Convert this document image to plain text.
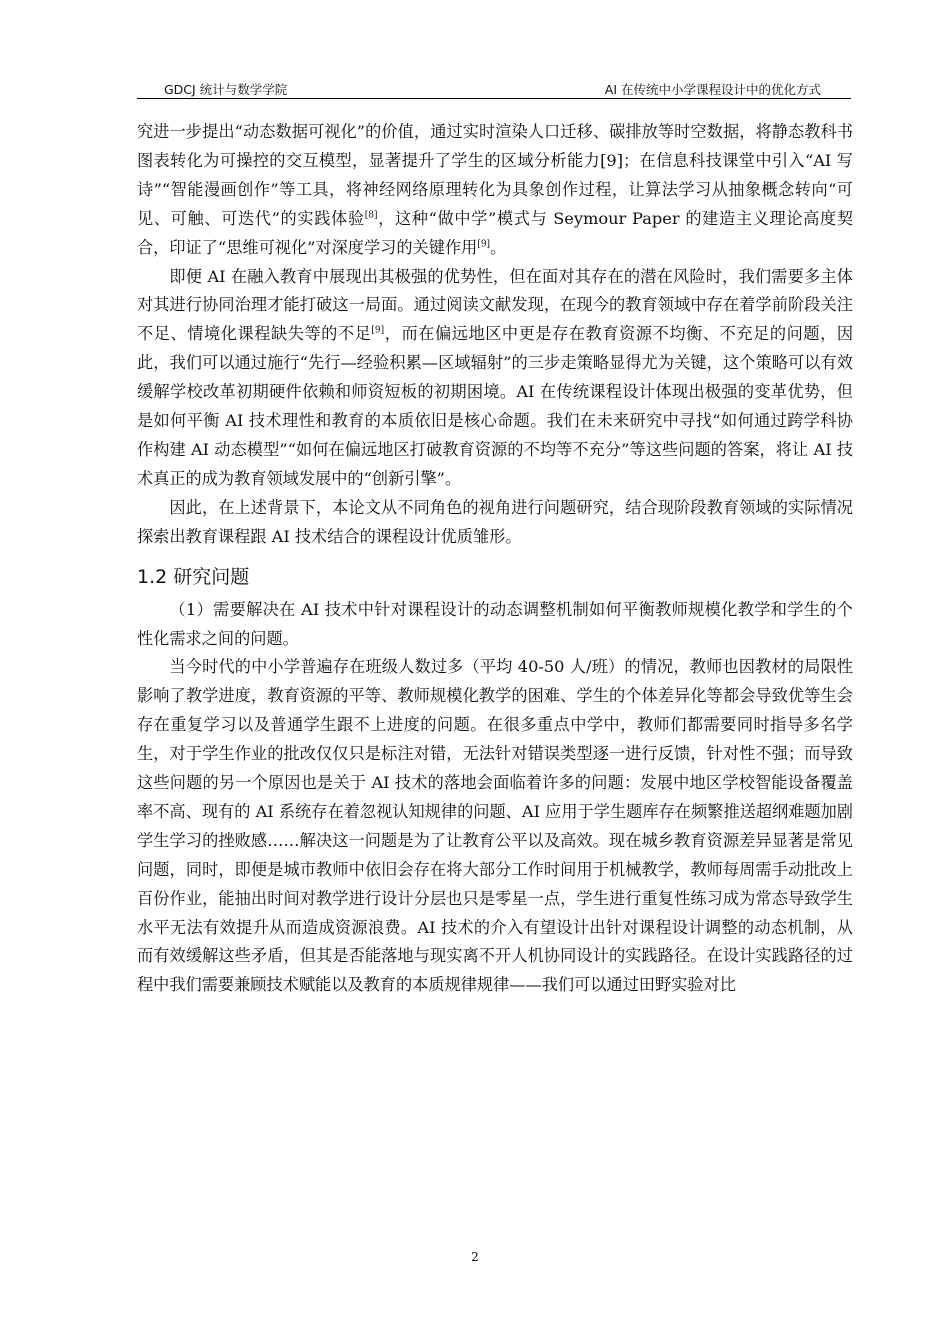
GDCJ 统计与数学学院	AI 在传统中小学课程设计中的优化方式

究进一步提出“动态数据可视化”的价值，通过实时渲染人口迁移、碳排放等时空数据，将静态教科书图表转化为可操控的交互模型，显著提升了学生的区域分析能力[9]；在信息科技课堂中引入“AI 写诗”“智能漫画创作”等工具，将神经网络原理转化为具象创作过程，让算法学习从抽象概念转向“可见、可触、可迭代”的实践体验[8]，这种“做中学”模式与 Seymour Paper 的建造主义理论高度契合，印证了“思维可视化”对深度学习的关键作用[9]。

即便 AI 在融入教育中展现出其极强的优势性，但在面对其存在的潜在风险时，我们需要多主体对其进行协同治理才能打破这一局面。通过阅读文献发现，在现今的教育领域中存在着学前阶段关注不足、情境化课程缺失等的不足[9]，而在偏远地区中更是存在教育资源不均衡、不充足的问题，因此，我们可以通过施行“先行—经验积累—区域辐射”的三步走策略显得尤为关键，这个策略可以有效缓解学校改革初期硬件依赖和师资短板的初期困境。AI 在传统课程设计体现出极强的变革优势，但是如何平衡 AI 技术理性和教育的本质依旧是核心命题。我们在未来研究中寻找“如何通过跨学科协作构建 AI 动态模型”“如何在偏远地区打破教育资源的不均等不充分”等这些问题的答案，将让 AI 技术真正的成为教育领域发展中的“创新引擎”。

因此，在上述背景下，本论文从不同角色的视角进行问题研究，结合现阶段教育领域的实际情况探索出教育课程跟 AI 技术结合的课程设计优质雏形。

1.2 研究问题

（1）需要解决在 AI 技术中针对课程设计的动态调整机制如何平衡教师规模化教学和学生的个性化需求之间的问题。

当今时代的中小学普遍存在班级人数过多（平均 40-50 人/班）的情况，教师也因教材的局限性影响了教学进度，教育资源的平等、教师规模化教学的困难、学生的个体差异化等都会导致优等生会存在重复学习以及普通学生跟不上进度的问题。在很多重点中学中，教师们都需要同时指导多名学生，对于学生作业的批改仅仅只是标注对错，无法针对错误类型逐一进行反馈，针对性不强；而导致这些问题的另一个原因也是关于 AI 技术的落地会面临着许多的问题：发展中地区学校智能设备覆盖率不高、现有的 AI 系统存在着忽视认知规律的问题、AI 应用于学生题库存在频繁推送超纲难题加剧学生学习的挫败感……解决这一问题是为了让教育公平以及高效。现在城乡教育资源差异显著是常见问题，同时，即便是城市教师中依旧会存在将大部分工作时间用于机械教学，教师每周需手动批改上百份作业，能抽出时间对教学进行设计分层也只是零星一点，学生进行重复性练习成为常态导致学生水平无法有效提升从而造成资源浪费。AI 技术的介入有望设计出针对课程设计调整的动态机制，从而有效缓解这些矛盾，但其是否能落地与现实离不开人机协同设计的实践路径。在设计实践路径的过程中我们需要兼顾技术赋能以及教育的本质规律规律——我们可以通过田野实验对比

2
